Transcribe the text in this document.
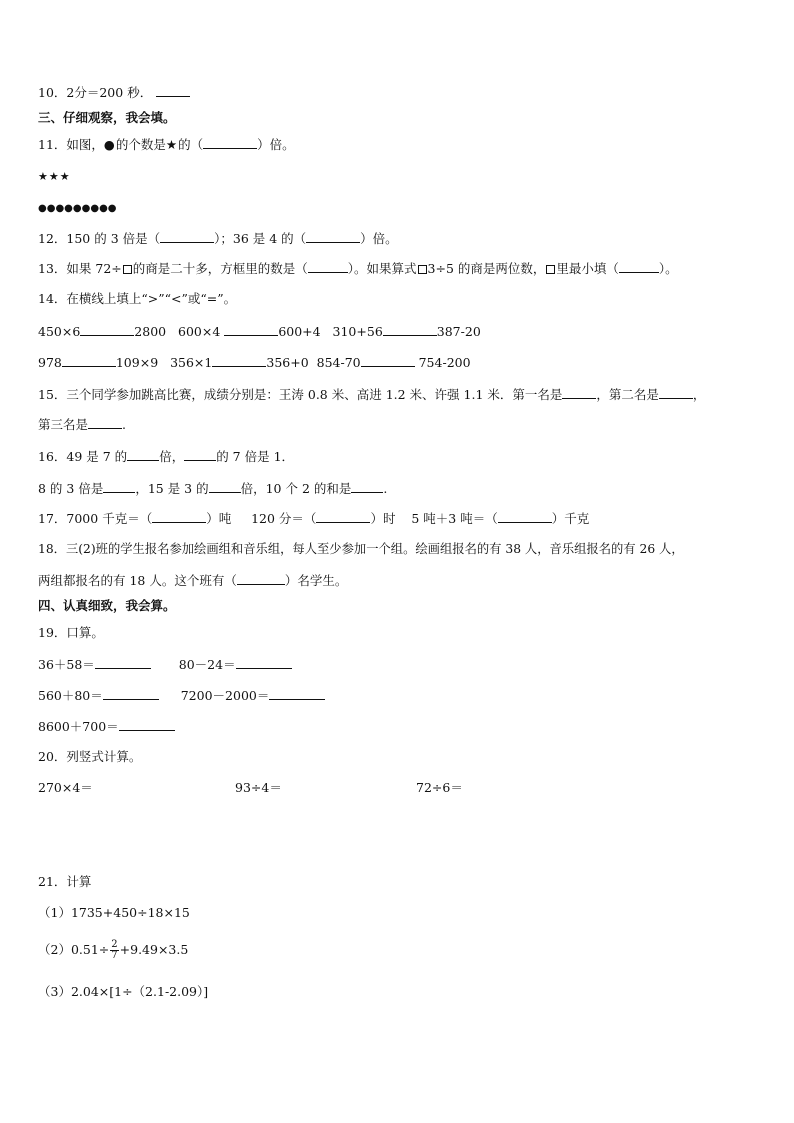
10．2分＝200 秒．
三、仔细观察，我会填。
11．如图，●的个数是★的（	）倍。
★★★
●●●●●●●●●
12．150 的 3 倍是（	）；36 是 4 的（	）倍。
13．如果 72÷ 的商是二十多，方框里的数是（	）。如果算式 3÷5 的商是两位数， 里最小填（	）。
14．在横线上填上“>”“<”或“=”。
450×6	2800 600×4	600+4 310+56	387-20
978	109×9 356×1	356+0 854-70	754-200
15．三个同学参加跳高比赛，成绩分别是：王涛 0.8 米、高进 1.2 米、许强 1.1 米．第一名是	，第二名是	，
第三名是	.
16．49 是 7 的	倍，	的 7 倍是 1．
8 的 3 倍是	，15 是 3 的	倍，10 个 2 的和是	.
17．7000 千克＝（	）吨 120 分＝（	）时 5 吨＋3 吨＝（	）千克
18．三(2)班的学生报名参加绘画组和音乐组，每人至少参加一个组。绘画组报名的有 38 人，音乐组报名的有 26 人，
两组都报名的有 18 人。这个班有（	）名学生。
四、认真细致，我会算。
19．口算。
36＋58＝	80－24＝
560＋80＝	7200－2000＝
8600＋700＝
20．列竖式计算。
270×4＝	93÷4＝	72÷6＝
21．计算
（1）1735+450÷18×15
$(2)0.51\div \frac{2}{7} +9.49\times 3.5$
（3）2.04×[1÷（2.1-2.09）]
